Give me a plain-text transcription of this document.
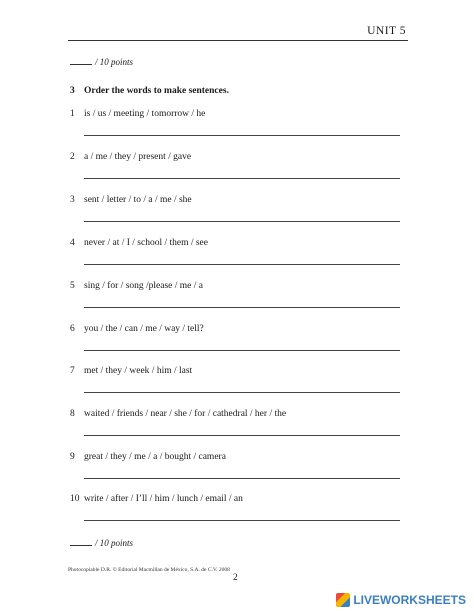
UNIT 5
/ 10 points
3 Order the words to make sentences.
1 is / us / meeting / tomorrow / he
2 a / me / they / present / gave
3 sent / letter / to / a / me / she
4 never / at / I / school / them / see
5 sing / for / song /please / me / a
6 you / the / can / me / way / tell?
7 met / they / week / him / last
8 waited / friends / near / she / for / cathedral / her / the
9 great / they / me / a / bought / camera
10 write / after / I’ll / him / lunch / email / an
/ 10 points
Photocopiable D.R. © Editorial Macmillan de México, S.A. de C.V. 2008
2
LIVEWORKSHEETS
